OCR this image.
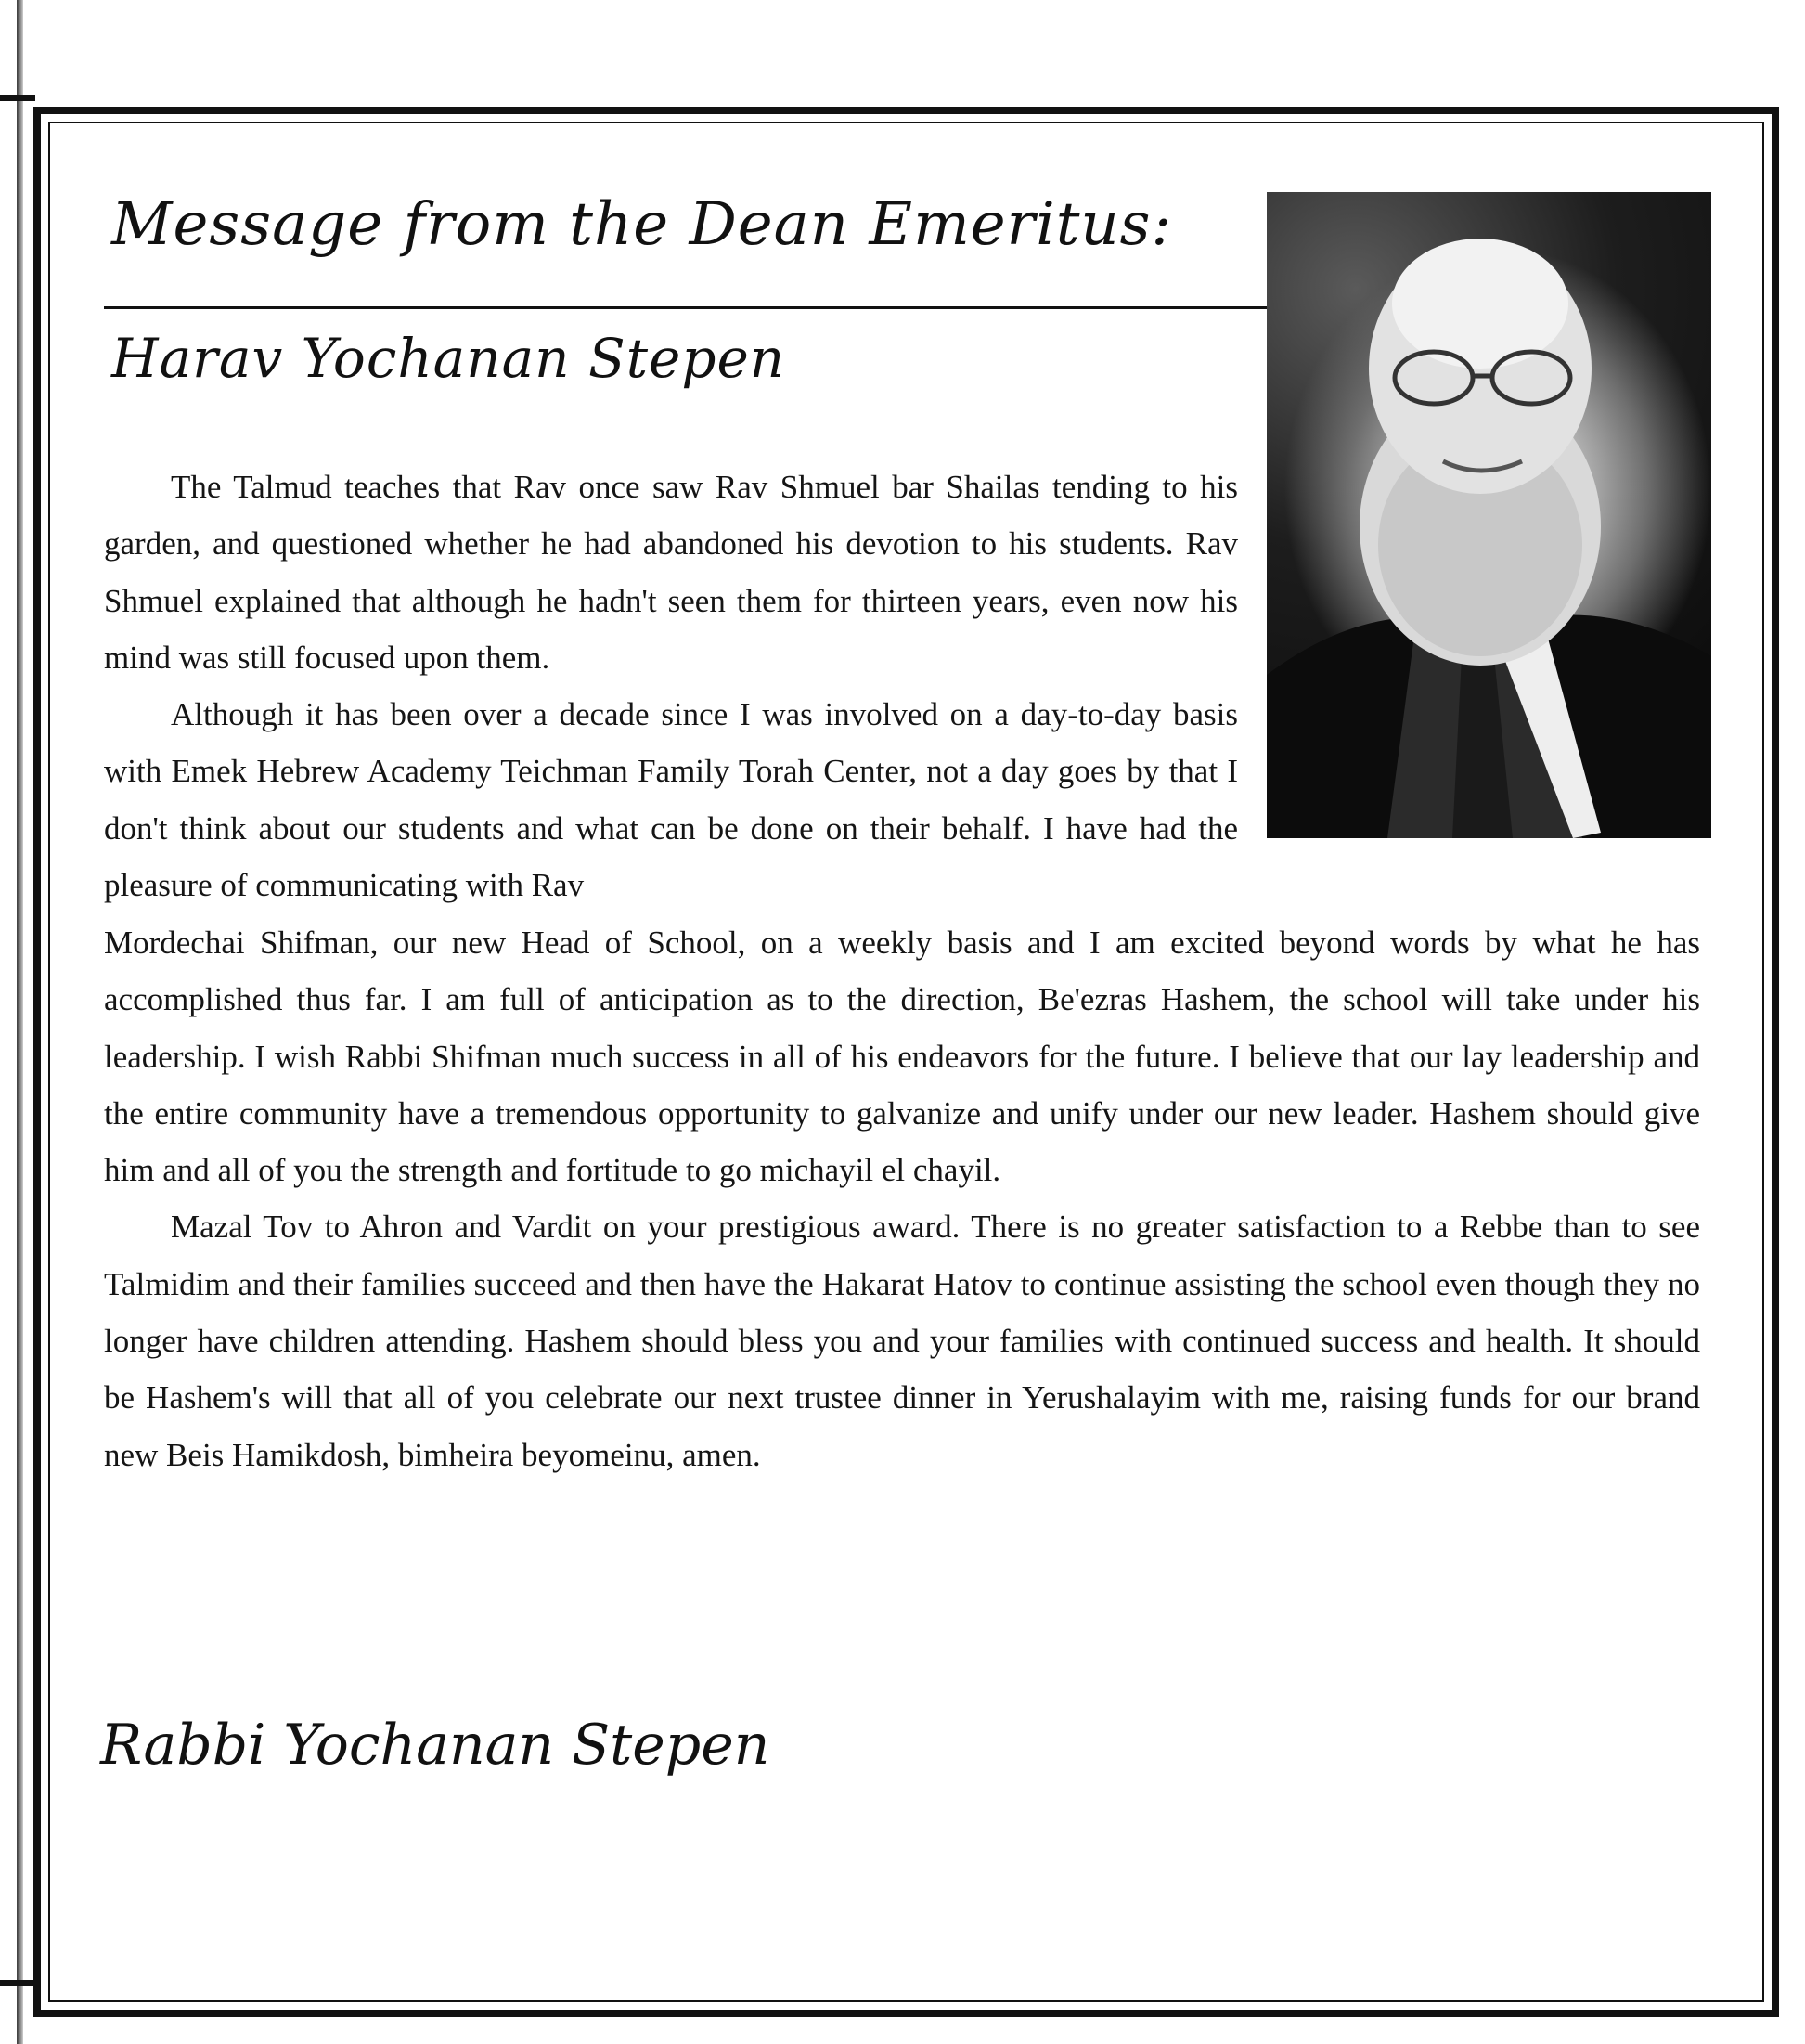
Message from the Dean Emeritus:
Harav Yochanan Stepen

The Talmud teaches that Rav once saw Rav Shmuel bar Shailas tending to his garden, and questioned whether he had abandoned his devotion to his students. Rav Shmuel explained that although he hadn't seen them for thirteen years, even now his mind was still focused upon them.

Although it has been over a decade since I was involved on a day-to-day basis with Emek Hebrew Academy Teichman Family Torah Center, not a day goes by that I don't think about our students and what can be done on their behalf. I have had the pleasure of communicating with Rav

Mordechai Shifman, our new Head of School, on a weekly basis and I am excited beyond words by what he has accomplished thus far. I am full of anticipation as to the direction, Be'ezras Hashem, the school will take under his leadership. I wish Rabbi Shifman much success in all of his endeavors for the future. I believe that our lay leadership and the entire community have a tremendous opportunity to galvanize and unify under our new leader. Hashem should give him and all of you the strength and fortitude to go michayil el chayil.

Mazal Tov to Ahron and Vardit on your prestigious award. There is no greater satisfaction to a Rebbe than to see Talmidim and their families succeed and then have the Hakarat Hatov to continue assisting the school even though they no longer have children attending. Hashem should bless you and your families with continued success and health. It should be Hashem's will that all of you celebrate our next trustee dinner in Yerushalayim with me, raising funds for our brand new Beis Hamikdosh, bimheira beyomeinu, amen.

Rabbi Yochanan Stepen
